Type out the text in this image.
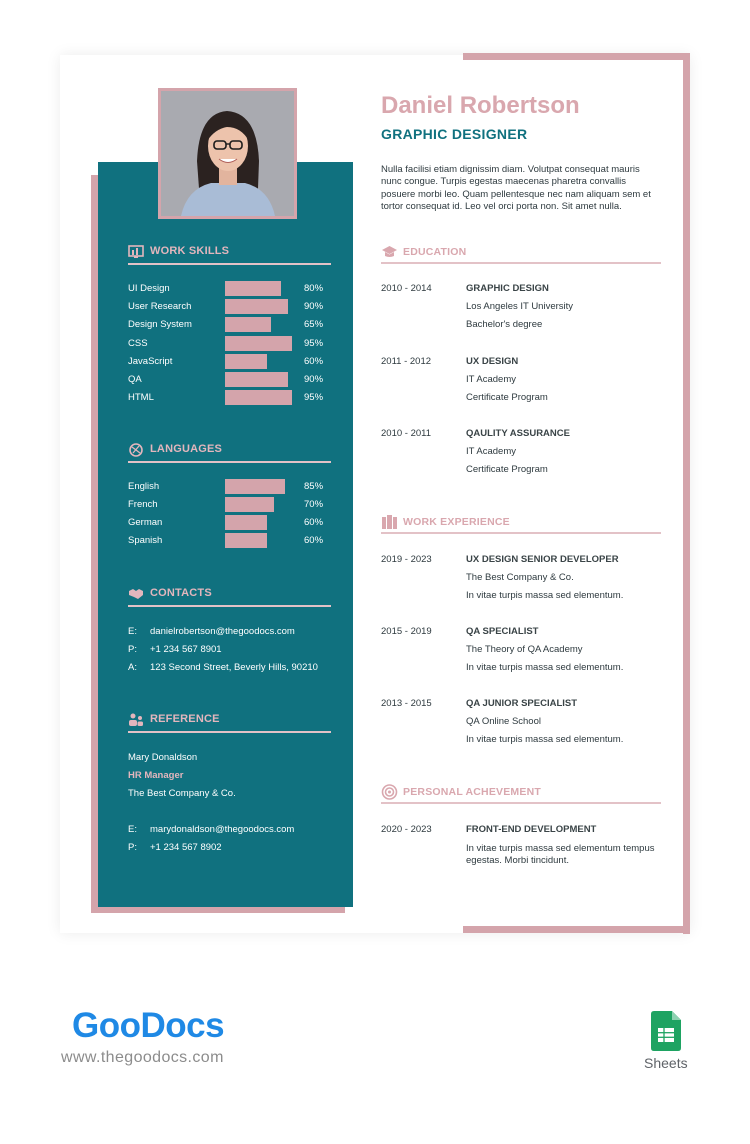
WORK SKILLS
UI Design	80%
User Research	90%
Design System	65%
CSS	95%
JavaScript	60%
QA	90%
HTML	95%
LANGUAGES
English	85%
French	70%
German	60%
Spanish	60%
CONTACTS
E: danielrobertson@thegoodocs.com
P: +1 234 567 8901
A: 123 Second Street, Beverly Hills, 90210
REFERENCE
Mary Donaldson
HR Manager
The Best Company & Co.
E: marydonaldson@thegoodocs.com
P: +1 234 567 8902
Daniel Robertson
GRAPHIC DESIGNER
Nulla facilisi etiam dignissim diam. Volutpat consequat mauris nunc congue. Turpis egestas maecenas pharetra convallis posuere morbi leo. Quam pellentesque nec nam aliquam sem et tortor consequat id. Leo vel orci porta non. Sit amet nulla.
EDUCATION
2010 - 2014	GRAPHIC DESIGN
Los Angeles IT University
Bachelor's degree
2011 - 2012	UX DESIGN
IT Academy
Certificate Program
2010 - 2011	QAULITY ASSURANCE
IT Academy
Certificate Program
WORK EXPERIENCE
2019 - 2023	UX DESIGN SENIOR DEVELOPER
The Best Company & Co.
In vitae turpis massa sed elementum.
2015 - 2019	QA SPECIALIST
The Theory of QA Academy
In vitae turpis massa sed elementum.
2013 - 2015	QA JUNIOR SPECIALIST
QA Online School
In vitae turpis massa sed elementum.
PERSONAL ACHEVEMENT
2020 - 2023	FRONT-END DEVELOPMENT
In vitae turpis massa sed elementum tempus egestas. Morbi tincidunt.
GooDocs
www.thegoodocs.com	Sheets
